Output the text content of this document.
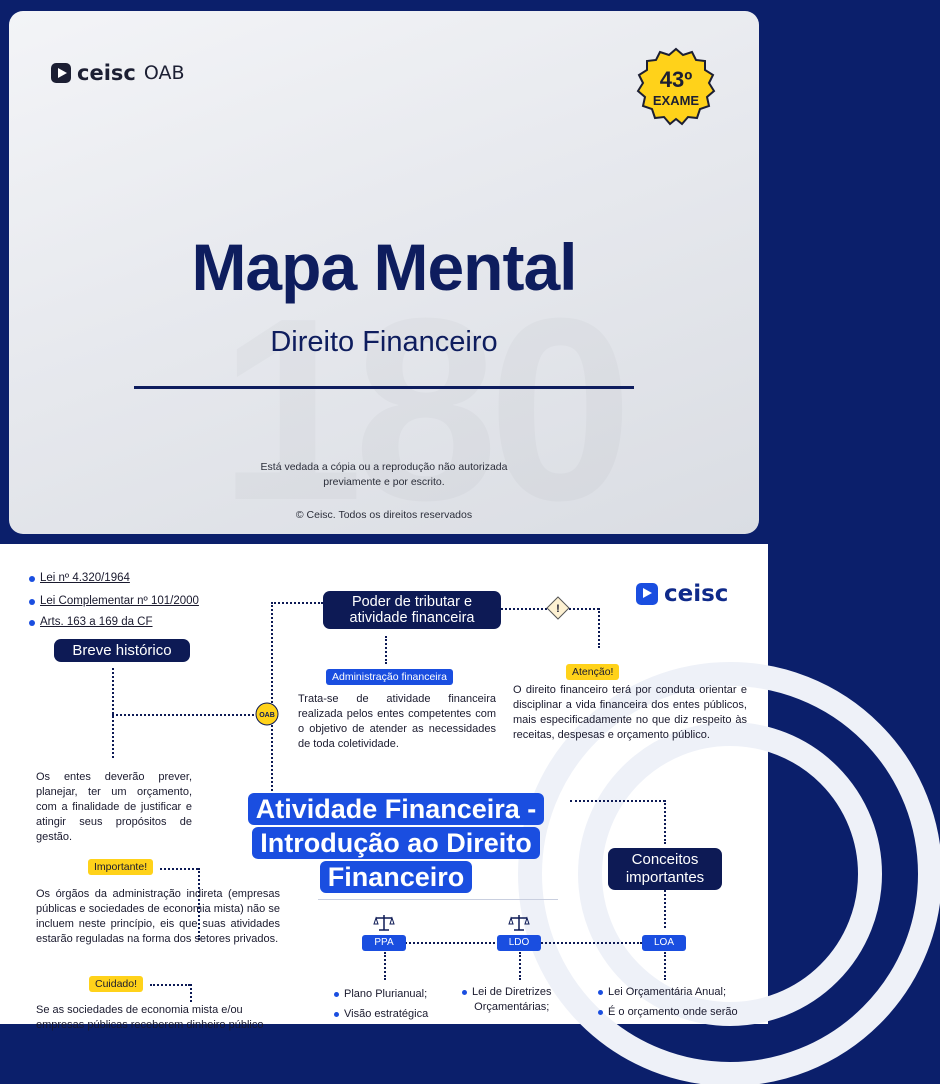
ceisc OAB	43º
EXAME
Mapa Mental
Direito Financeiro
Está vedada a cópia ou a reprodução não autorizada
previamente e por escrito.
© Ceisc. Todos os direitos reservados
ceisc
Lei nº 4.320/1964
Lei Complementar nº 101/2000
Arts. 163 a 169 da CF
Breve histórico
OAB
Poder de tributar e
atividade financeira
!
Administração financeira
Trata-se de atividade financeira realizada pelos entes competentes com o objetivo de atender as necessidades de toda coletividade.
Atenção!
O direito financeiro terá por conduta orientar e disciplinar a vida financeira dos entes públicos, mais especificadamente no que diz respeito às receitas, despesas e orçamento público.
Os entes deverão prever, planejar, ter um orçamento, com a finalidade de justificar e atingir seus propósitos de gestão.
Importante!
Os órgãos da administração indireta (empresas públicas e sociedades de economia mista) não se incluem neste princípio, eis que suas atividades estarão reguladas na forma dos setores privados.
Cuidado!
Se as sociedades de economia mista e/ou
empresas públicas receberem dinheiro público
Atividade Financeira -
Introdução ao Direito
Financeiro
Conceitos
importantes
PPA	LDO	LOA
Plano Plurianual;
Visão estratégica
Lei de Diretrizes
Orçamentárias;
Lei Orçamentária Anual;
É o orçamento onde serão
